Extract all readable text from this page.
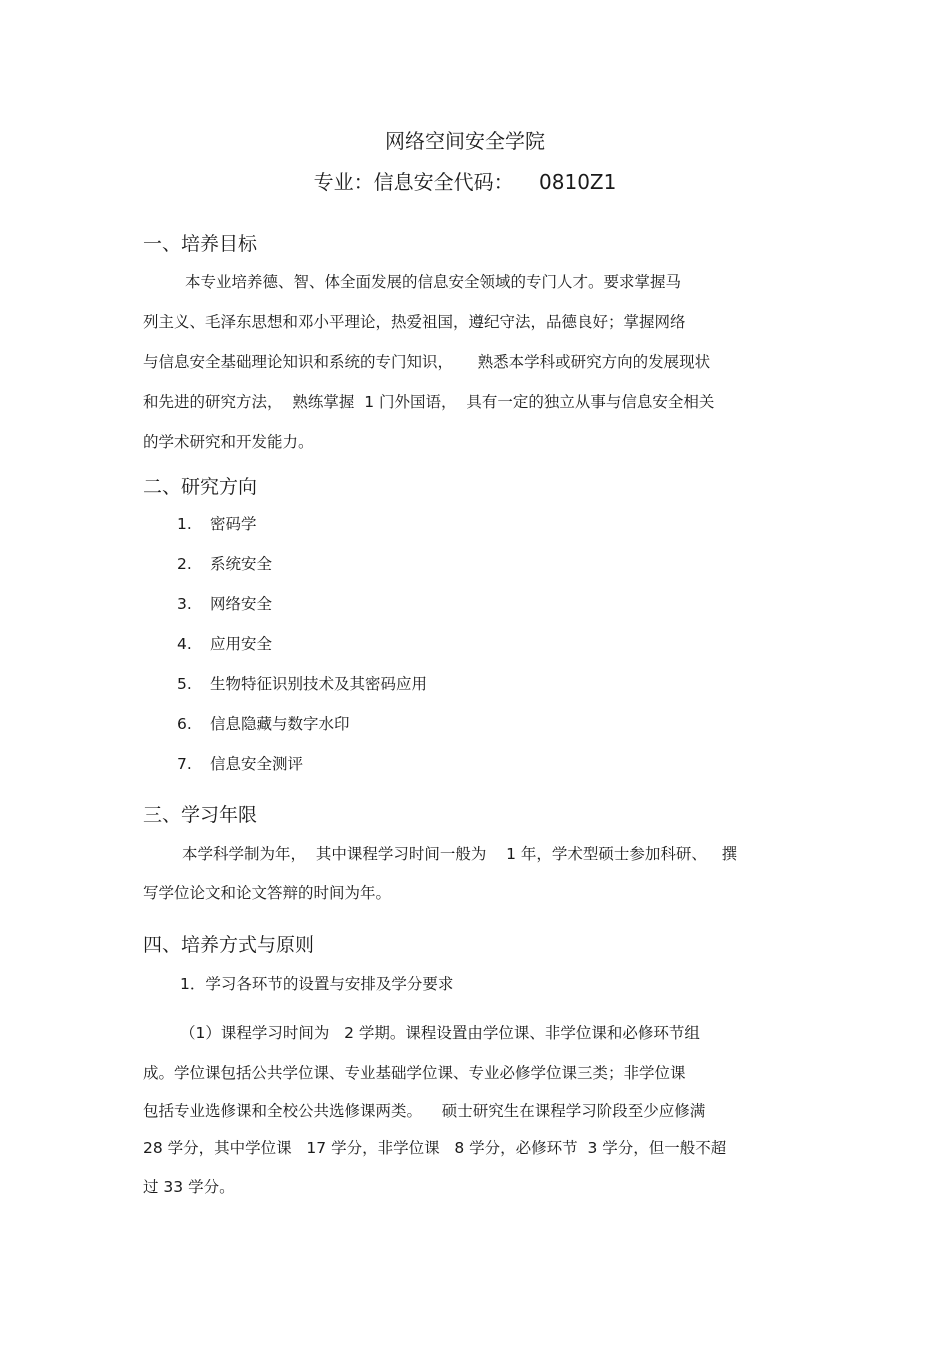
网络空间安全学院
专业：信息安全代码：    0810Z1
一、培养目标
本专业培养德、智、体全面发展的信息安全领域的专门人才。要求掌握马
列主义、毛泽东思想和邓小平理论，热爱祖国，遵纪守法，品德良好；掌握网络
与信息安全基础理论知识和系统的专门知识，     熟悉本学科或研究方向的发展现状
和先进的研究方法，  熟练掌握  1 门外国语，  具有一定的独立从事与信息安全相关
的学术研究和开发能力。
二、研究方向
1. 密码学
2. 系统安全
3. 网络安全
4. 应用安全
5. 生物特征识别技术及其密码应用
6. 信息隐藏与数字水印
7. 信息安全测评
三、学习年限
本学科学制为年，  其中课程学习时间一般为    1 年，学术型硕士参加科研、   撰
写学位论文和论文答辩的时间为年。
四、培养方式与原则
1．学习各环节的设置与安排及学分要求
（1）课程学习时间为   2 学期。课程设置由学位课、非学位课和必修环节组
成。学位课包括公共学位课、专业基础学位课、专业必修学位课三类；非学位课
包括专业选修课和全校公共选修课两类。    硕士研究生在课程学习阶段至少应修满
28 学分，其中学位课   17 学分，非学位课   8 学分，必修环节  3 学分，但一般不超
过 33 学分。
